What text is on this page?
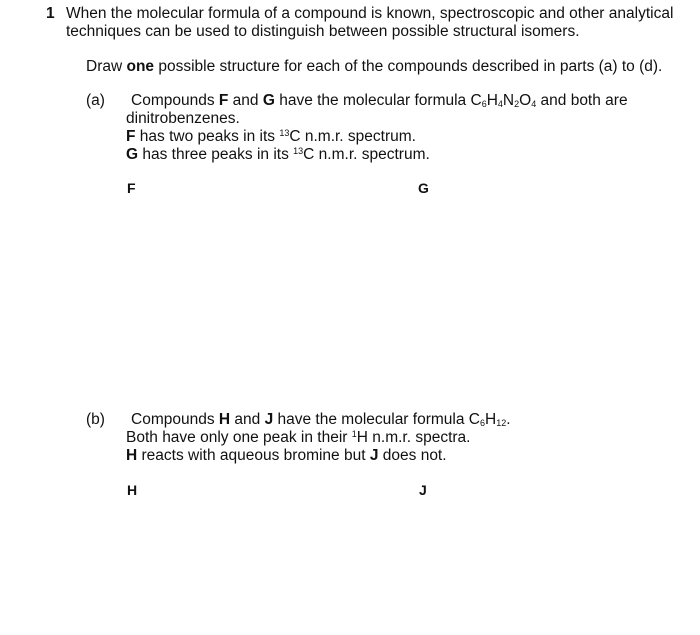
1 When the molecular formula of a compound is known, spectroscopic and other analytical
techniques can be used to distinguish between possible structural isomers.
Draw one possible structure for each of the compounds described in parts (a) to (d).
(a) Compounds F and G have the molecular formula $C_6H_4N_2O_4$ and both are
dinitrobenzenes.
F has two peaks in its $^{13}$C n.m.r. spectrum.
G has three peaks in its $^{13}$C n.m.r. spectrum.
F	G
(b) Compounds H and J have the molecular formula $C_6H_{12}$.
Both have only one peak in their $^1$H n.m.r. spectra.
H reacts with aqueous bromine but J does not.
H	J
